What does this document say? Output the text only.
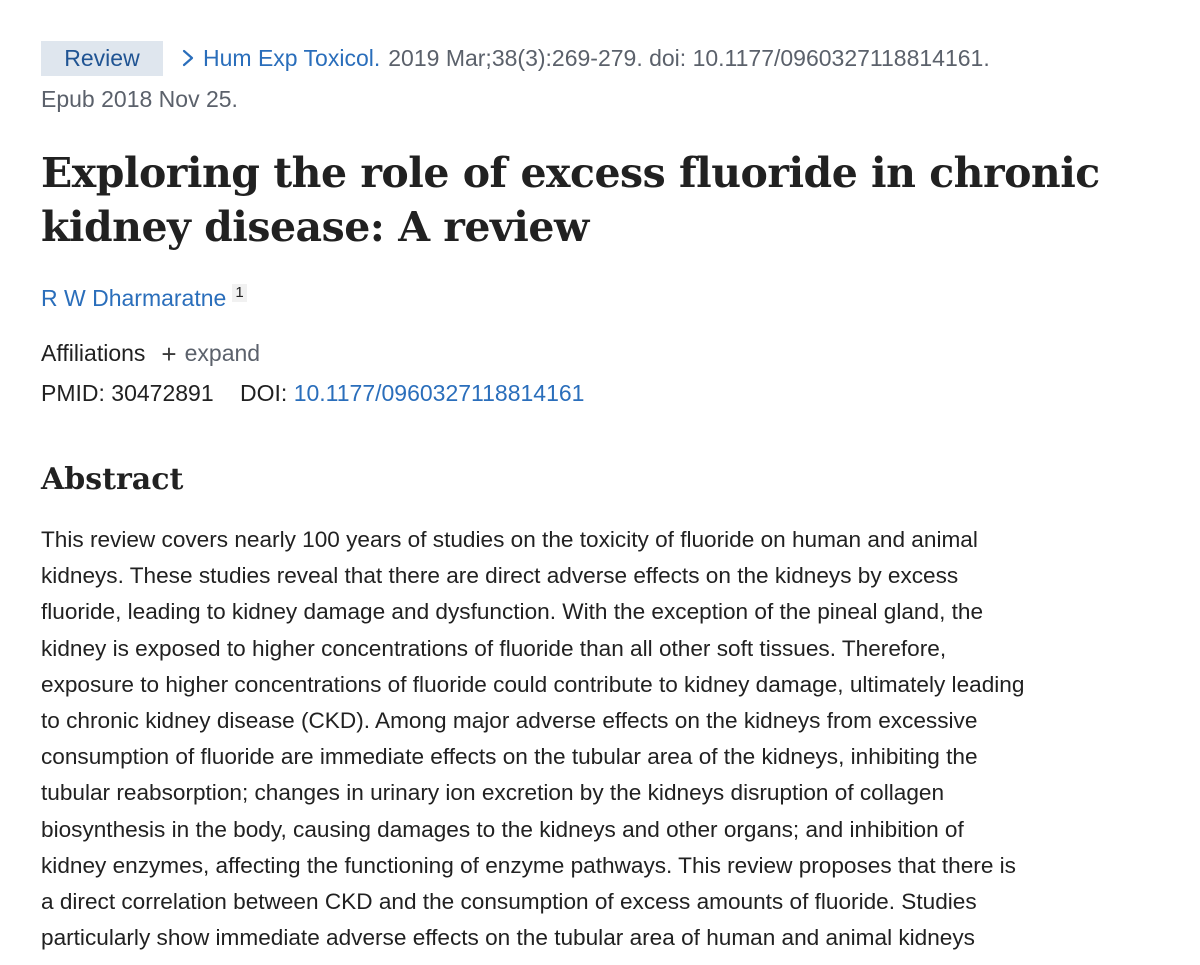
Review	Hum Exp Toxicol. 2019 Mar;38(3):269-279. doi: 10.1177/0960327118814161.
Epub 2018 Nov 25.
Exploring the role of excess fluoride in chronic kidney disease: A review
R W Dharmaratne $^1$
Affiliations + expand
PMID: 30472891 DOI: 10.1177/0960327118814161
Abstract

This review covers nearly 100 years of studies on the toxicity of fluoride on human and animal
kidneys. These studies reveal that there are direct adverse effects on the kidneys by excess
fluoride, leading to kidney damage and dysfunction. With the exception of the pineal gland, the
kidney is exposed to higher concentrations of fluoride than all other soft tissues. Therefore,
exposure to higher concentrations of fluoride could contribute to kidney damage, ultimately leading
to chronic kidney disease (CKD). Among major adverse effects on the kidneys from excessive
consumption of fluoride are immediate effects on the tubular area of the kidneys, inhibiting the
tubular reabsorption; changes in urinary ion excretion by the kidneys disruption of collagen
biosynthesis in the body, causing damages to the kidneys and other organs; and inhibition of
kidney enzymes, affecting the functioning of enzyme pathways. This review proposes that there is
a direct correlation between CKD and the consumption of excess amounts of fluoride. Studies
particularly show immediate adverse effects on the tubular area of human and animal kidneys
